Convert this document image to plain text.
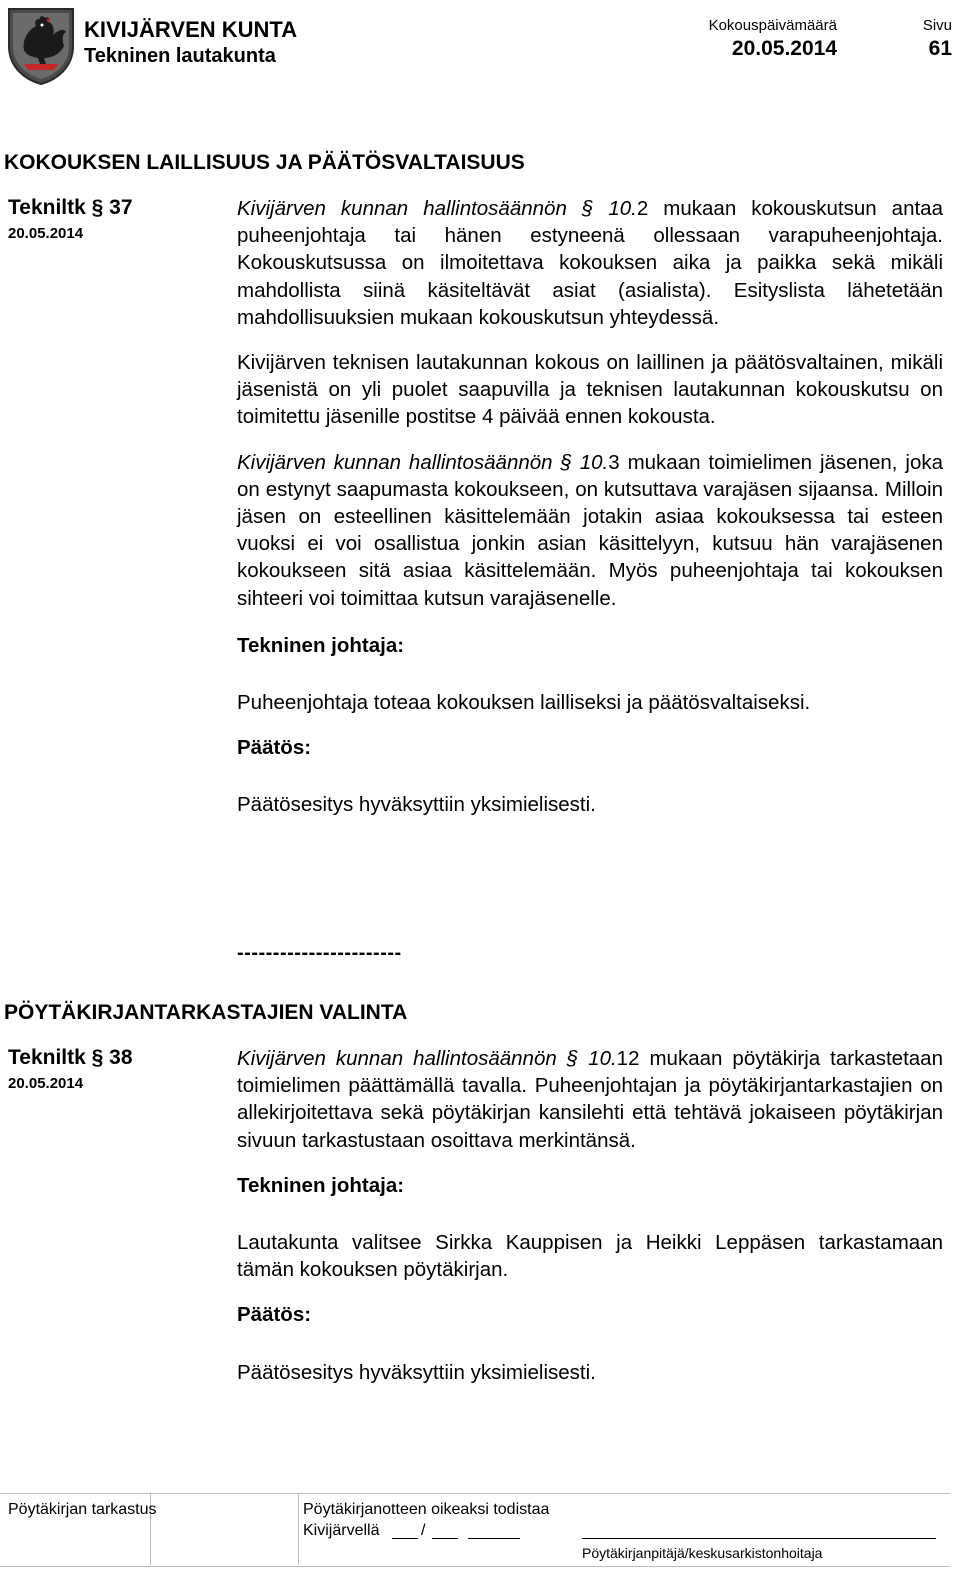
KIVIJÄRVEN KUNTA
Tekninen lautakunta
Kokouspäivämäärä
20.05.2014
Sivu
61
KOKOUKSEN LAILLISUUS JA PÄÄTÖSVALTAISUUS
Tekniltk § 37
20.05.2014

Kivijärven kunnan hallintosäännön § 10.2 mukaan kokouskutsun antaa puheenjohtaja tai hänen estyneenä ollessaan varapuheenjohtaja. Kokouskutsussa on ilmoitettava kokouksen aika ja paikka sekä mikäli mahdollista siinä käsiteltävät asiat (asialista). Esityslista lähetetään mahdollisuuksien mukaan kokouskutsun yhteydessä.

Kivijärven teknisen lautakunnan kokous on laillinen ja päätösvaltainen, mikäli jäsenistä on yli puolet saapuvilla ja teknisen lautakunnan kokouskutsu on toimitettu jäsenille postitse 4 päivää ennen kokousta.

Kivijärven kunnan hallintosäännön § 10.3 mukaan toimielimen jäsenen, joka on estynyt saapumasta kokoukseen, on kutsuttava varajäsen sijaansa. Milloin jäsen on esteellinen käsittelemään jotakin asiaa kokouksessa tai esteen vuoksi ei voi osallistua jonkin asian käsittelyyn, kutsuu hän varajäsenen kokoukseen sitä asiaa käsittelemään. Myös puheenjohtaja tai kokouksen sihteeri voi toimittaa kutsun varajäsenelle.

Tekninen johtaja:

Puheenjohtaja toteaa kokouksen lailliseksi ja päätösvaltaiseksi.

Päätös:

Päätösesitys hyväksyttiin yksimielisesti.

-----------------------
PÖYTÄKIRJANTARKASTAJIEN VALINTA
Tekniltk § 38
20.05.2014

Kivijärven kunnan hallintosäännön § 10.12 mukaan pöytäkirja tarkastetaan toimielimen päättämällä tavalla. Puheenjohtajan ja pöytäkirjantarkastajien on allekirjoitettava sekä pöytäkirjan kansilehti että tehtävä jokaiseen pöytäkirjan sivuun tarkastustaan osoittava merkintänsä.

Tekninen johtaja:

Lautakunta valitsee Sirkka Kauppisen ja Heikki Leppäsen tarkastamaan tämän kokouksen pöytäkirjan.

Päätös:

Päätösesitys hyväksyttiin yksimielisesti.

Pöytäkirjan tarkastus	Pöytäkirjanotteen oikeaksi todistaa
Kivijärvellä	/
Pöytäkirjanpitäjä/keskusarkistonhoitaja
